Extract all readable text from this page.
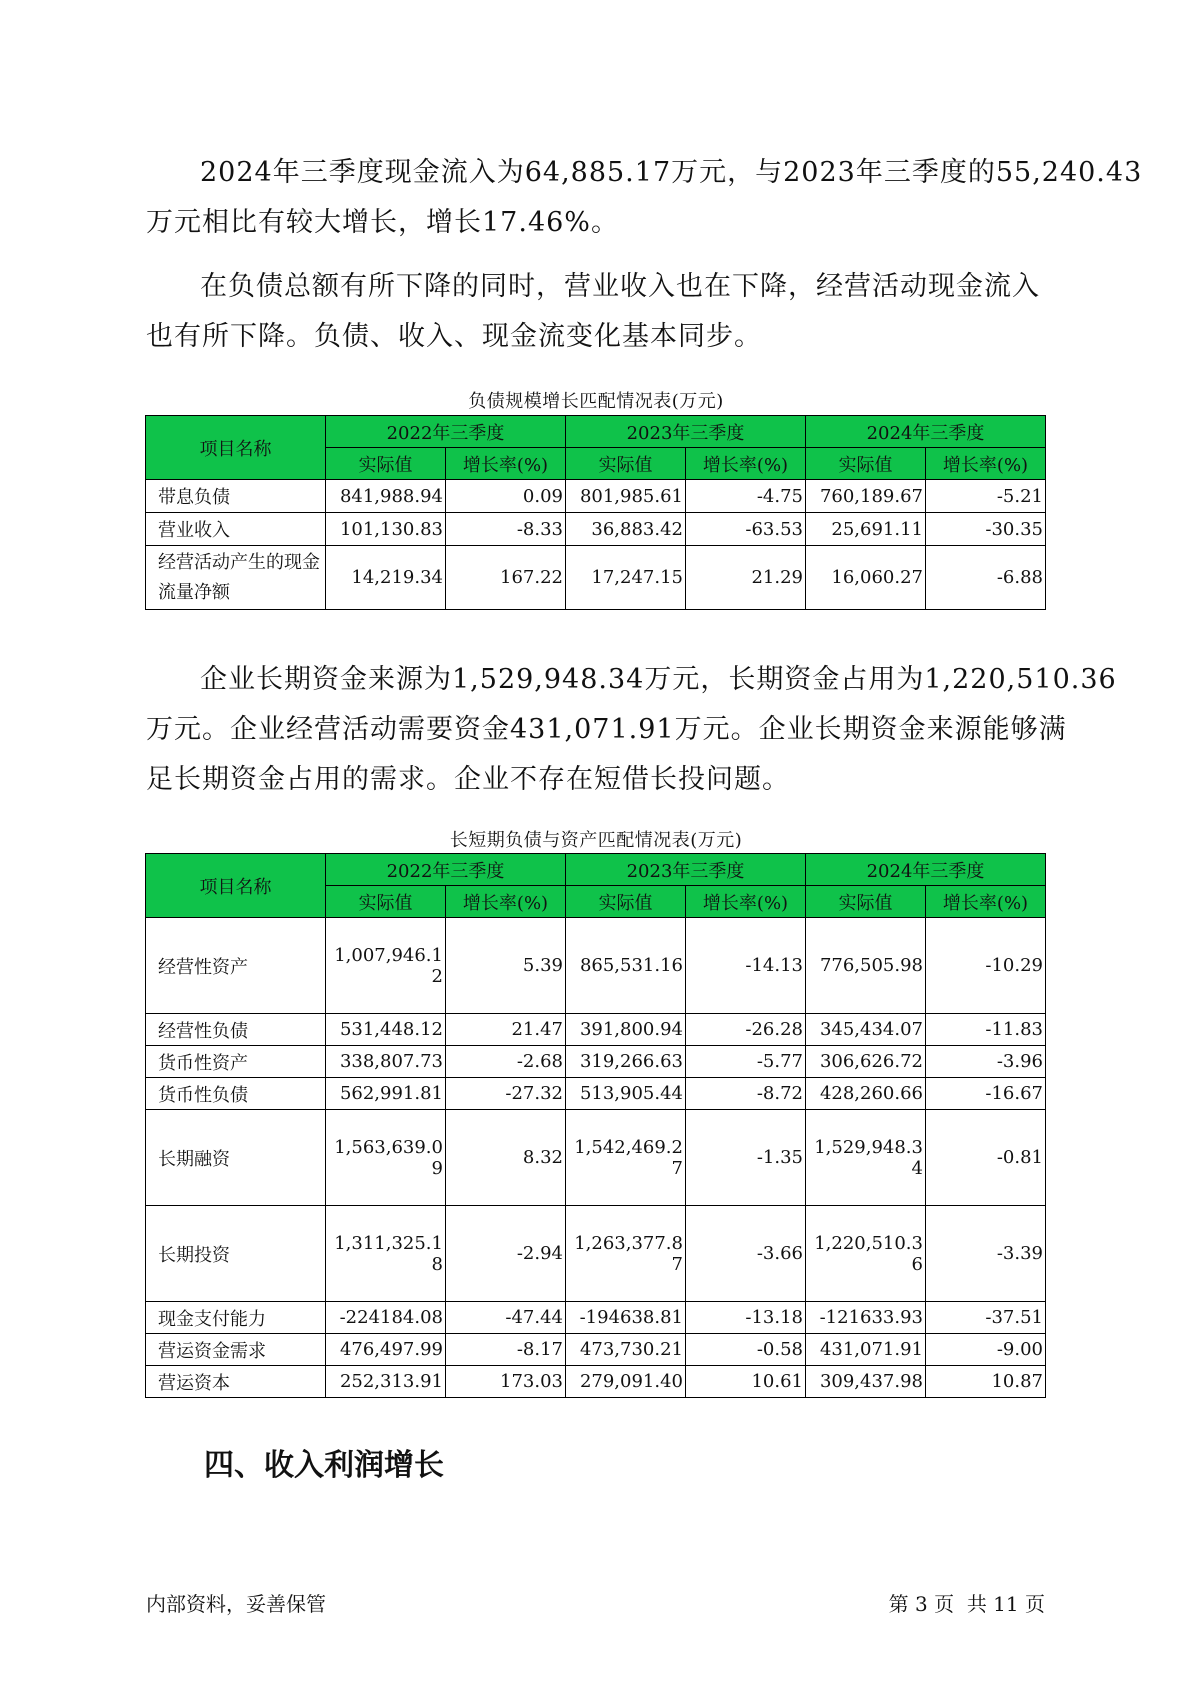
2024年三季度现金流入为64,885.17万元，与2023年三季度的55,240.43
万元相比有较大增长，增长17.46%。
在负债总额有所下降的同时，营业收入也在下降，经营活动现金流入
也有所下降。负债、收入、现金流变化基本同步。

负债规模增长匹配情况表(万元)

项目名称	2022年三季度		2023年三季度		2024年三季度	
	实际值	增长率(%)	实际值	增长率(%)	实际值	增长率(%)
带息负债	841,988.94	0.09	801,985.61	-4.75	760,189.67	-5.21
营业收入	101,130.83	-8.33	36,883.42	-63.53	25,691.11	-30.35
经营活动产生的现金流量净额	14,219.34	167.22	17,247.15	21.29	16,060.27	-6.88
企业长期资金来源为1,529,948.34万元，长期资金占用为1,220,510.36
万元。企业经营活动需要资金431,071.91万元。企业长期资金来源能够满
足长期资金占用的需求。企业不存在短借长投问题。

长短期负债与资产匹配情况表(万元)

项目名称	2022年三季度		2023年三季度		2024年三季度	
	实际值	增长率(%)	实际值	增长率(%)	实际值	增长率(%)
经营性资产	1,007,946.12	5.39	865,531.16	-14.13	776,505.98	-10.29
经营性负债	531,448.12	21.47	391,800.94	-26.28	345,434.07	-11.83
货币性资产	338,807.73	-2.68	319,266.63	-5.77	306,626.72	-3.96
货币性负债	562,991.81	-27.32	513,905.44	-8.72	428,260.66	-16.67
长期融资	1,563,639.09	8.32	1,542,469.27	-1.35	1,529,948.34	-0.81
长期投资	1,311,325.18	-2.94	1,263,377.87	-3.66	1,220,510.36	-3.39
现金支付能力	-224184.08	-47.44	-194638.81	-13.18	-121633.93	-37.51
营运资金需求	476,497.99	-8.17	473,730.21	-0.58	431,071.91	-9.00
营运资本	252,313.91	173.03	279,091.40	10.61	309,437.98	10.87
四、收入利润增长
内部资料，妥善保管	第 3 页  共 11 页
